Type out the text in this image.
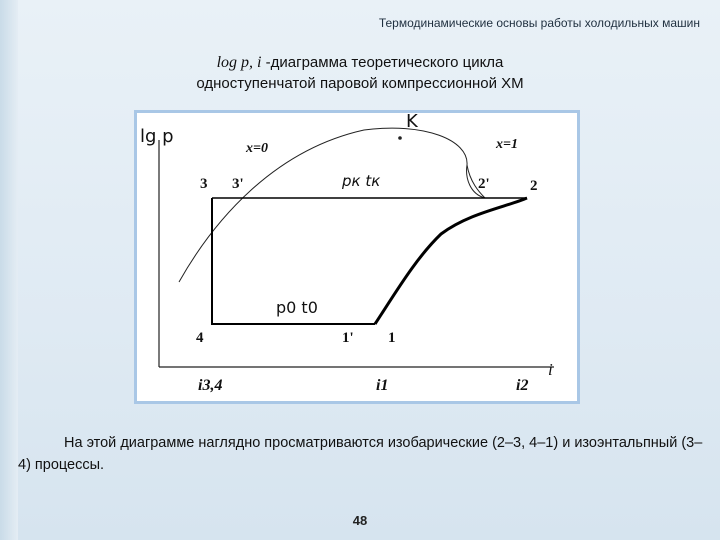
Термодинамические основы работы холодильных машин
log p, i -диаграмма теоретического цикла
одноступенчатой паровой компрессионной ХМ
lg p
i
K
x=0	x=1
pк tк
p0 t0
3 3'	2'	2
4	1' 1
i3,4	i1	i2
На этой диаграмме наглядно просматриваются изобарические (2–3, 4–1) и изоэнтальпный (3–4) процессы.
48
